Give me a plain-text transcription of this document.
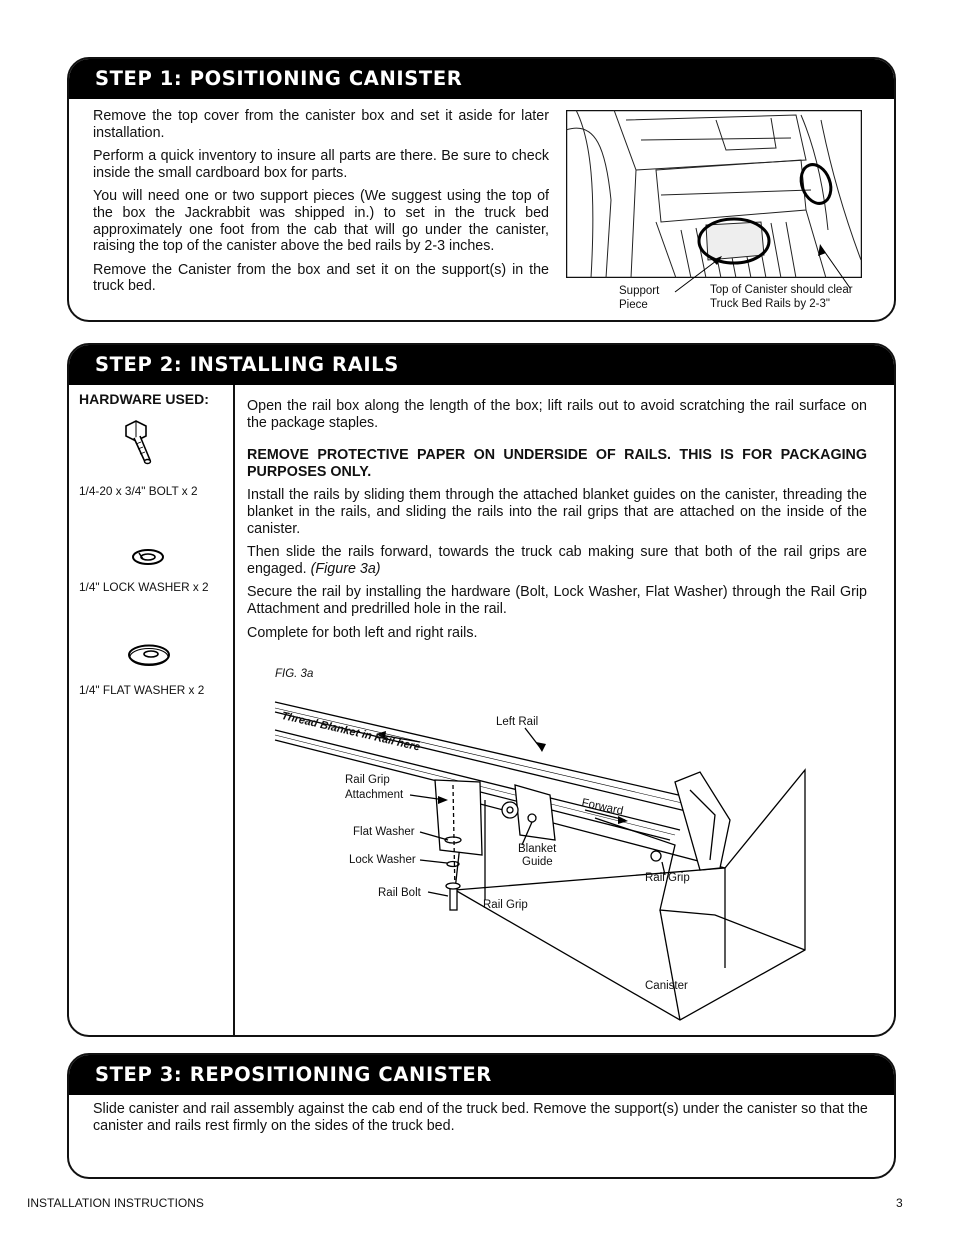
STEP 1: POSITIONING CANISTER

Remove the top cover from the canister box and set it aside for later installation.

Perform a quick inventory to insure all parts are there. Be sure to check inside the small cardboard box for parts.

You will need one or two support pieces (We suggest using the top of the box the Jackrabbit was shipped in.) to set in the truck bed approximately one foot from the cab that will go under the canister, raising the top of the canister above the bed rails by 2-3 inches.

Remove the Canister from the box and set it on the support(s) in the truck bed.	Support Piece
Top of Canister should clear Truck Bed Rails by 2-3"
STEP 2: INSTALLING RAILS
HARDWARE USED:
1/4-20 x 3/4" BOLT x 2
1/4" LOCK WASHER x 2
1/4" FLAT WASHER x 2

Open the rail box along the length of the box; lift rails out to avoid scratching the rail surface on the package staples.

REMOVE PROTECTIVE PAPER ON UNDERSIDE OF RAILS. THIS IS FOR PACKAGING PURPOSES ONLY.

Install the rails by sliding them through the attached blanket guides on the canister, threading the blanket in the rails, and sliding the rails into the rail grips that are attached on the inside of the canister.

Then slide the rails forward, towards the truck cab making sure that both of the rail grips are engaged. (Figure 3a)

Secure the rail by installing the hardware (Bolt, Lock Washer, Flat Washer) through the Rail Grip Attachment and predrilled hole in the rail.

Complete for both left and right rails.

FIG. 3a
Thread Blanket in Rail here	Left Rail
Rail Grip
Attachment
Forward
Flat Washer
Lock Washer
Rail Bolt
Blanket
Guide
Rail Grip
Rail Grip
Canister
STEP 3: REPOSITIONING CANISTER
Slide canister and rail assembly against the cab end of the truck bed. Remove the support(s) under the canister so that the canister and rails rest firmly on the sides of the truck bed.
INSTALLATION INSTRUCTIONS	3
